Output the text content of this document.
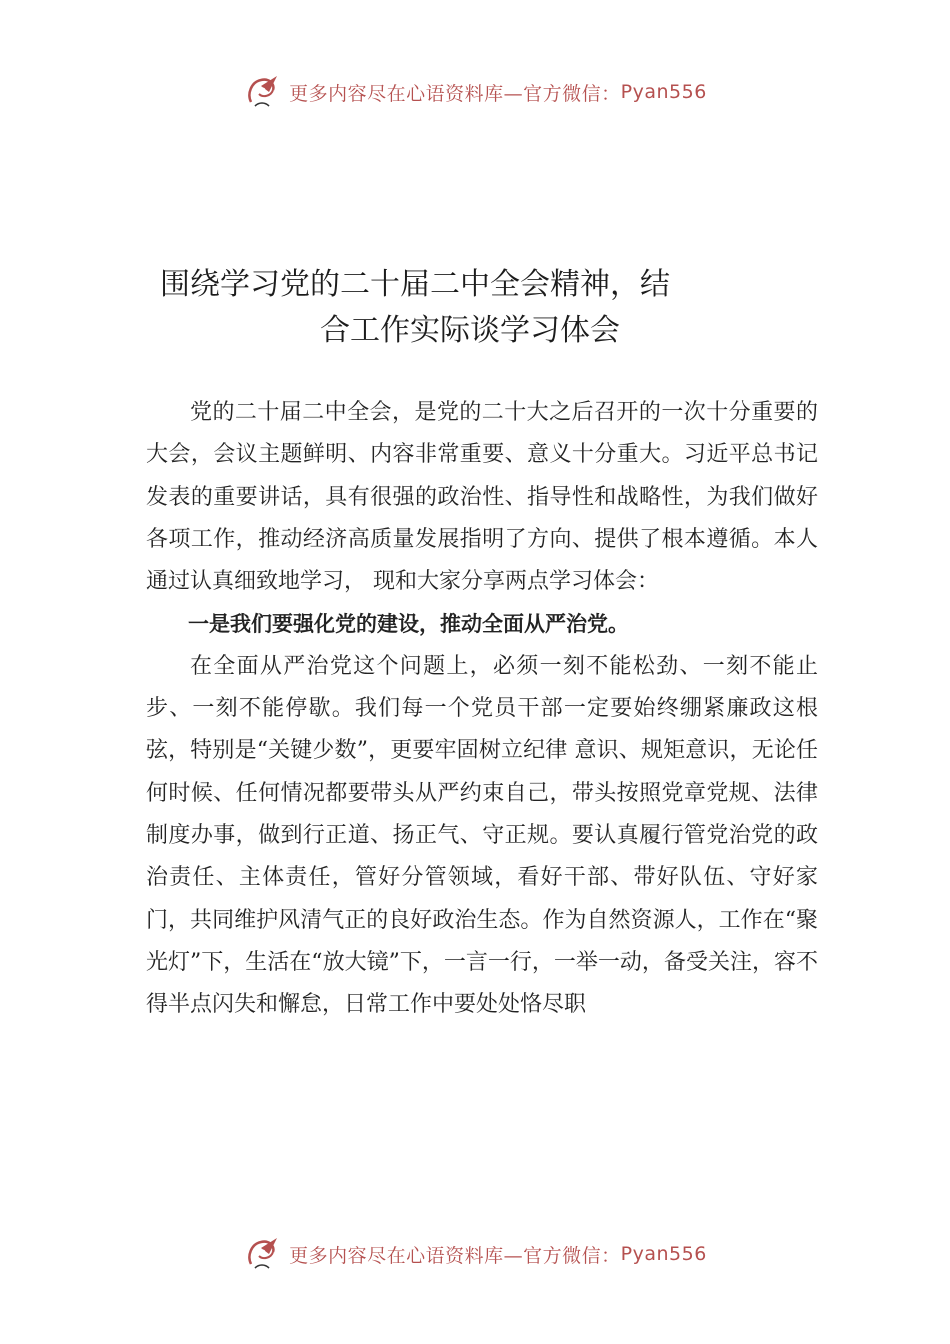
更多内容尽在心语资料库—官方微信： Pyan556
围绕学习党的二十届二中全会精神，结
合工作实际谈学习体会

党的二十届二中全会，是党的二十大之后召开的一次十分重要的大会，会议主题鲜明、内容非常重要、意义十分重大。习近平总书记发表的重要讲话，具有很强的政治性、指导性和战略性，为我们做好各项工作，推动经济高质量发展指明了方向、提供了根本遵循。本人通过认真细致地学习， 现和大家分享两点学习体会：

一是我们要强化党的建设，推动全面从严治党。

在全面从严治党这个问题上，必须一刻不能松劲、一刻不能止步、一刻不能停歇。我们每一个党员干部一定要始终绷紧廉政这根弦，特别是“关键少数”，更要牢固树立纪律 意识、规矩意识，无论任何时候、任何情况都要带头从严约束自己，带头按照党章党规、法律制度办事，做到行正道、扬正气、守正规。要认真履行管党治党的政治责任、主体责任，管好分管领域，看好干部、带好队伍、守好家门，共同维护风清气正的良好政治生态。作为自然资源人，工作在“聚光灯”下，生活在“放大镜”下，一言一行，一举一动，备受关注，容不得半点闪失和懈怠，日常工作中要处处恪尽职

更多内容尽在心语资料库—官方微信： Pyan556
